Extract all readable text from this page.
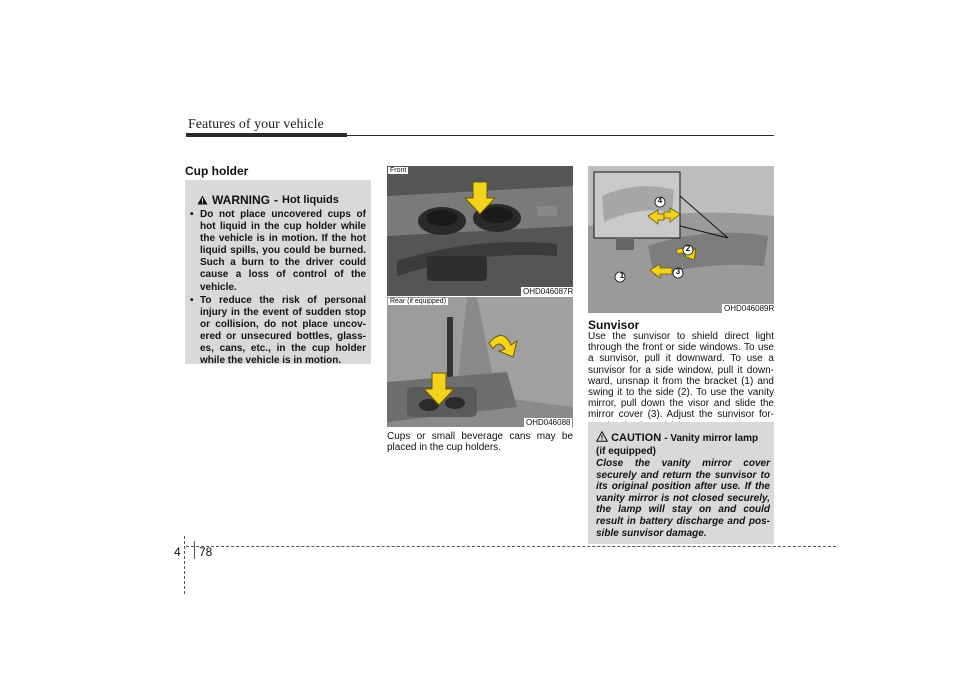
Features of your vehicle
Cup holder
WARNING - Hot liquids
• Do not place uncovered cups of hot liquid in the cup holder while the vehicle is in motion. If the hot liquid spills, you could be burned. Such a burn to the driver could cause a loss of control of the vehicle.
• To reduce the risk of personal injury in the event of sudden stop or collision, do not place uncov-ered or unsecured bottles, glass-es, cans, etc., in the cup holder while the vehicle is in motion.
Front
OHD046087R
Rear (if equipped)
OHD046088
Cups or small beverage cans may be placed in the cup holders.
1
2
3
4
OHD046089R
Sunvisor
Use the sunvisor to shield direct light through the front or side windows. To use a sunvisor, pull it downward. To use a sunvisor for a side window, pull it down-ward, unsnap it from the bracket (1) and swing it to the side (2). To use the vanity mirror, pull down the visor and slide the mirror cover (3). Adjust the sunvisor for-
CAUTION - Vanity mirror lamp (if equipped)
Close the vanity mirror cover securely and return the sunvisor to its original position after use. If the vanity mirror is not closed securely, the lamp will stay on and could result in battery discharge and pos-sible sunvisor damage.
4 78
